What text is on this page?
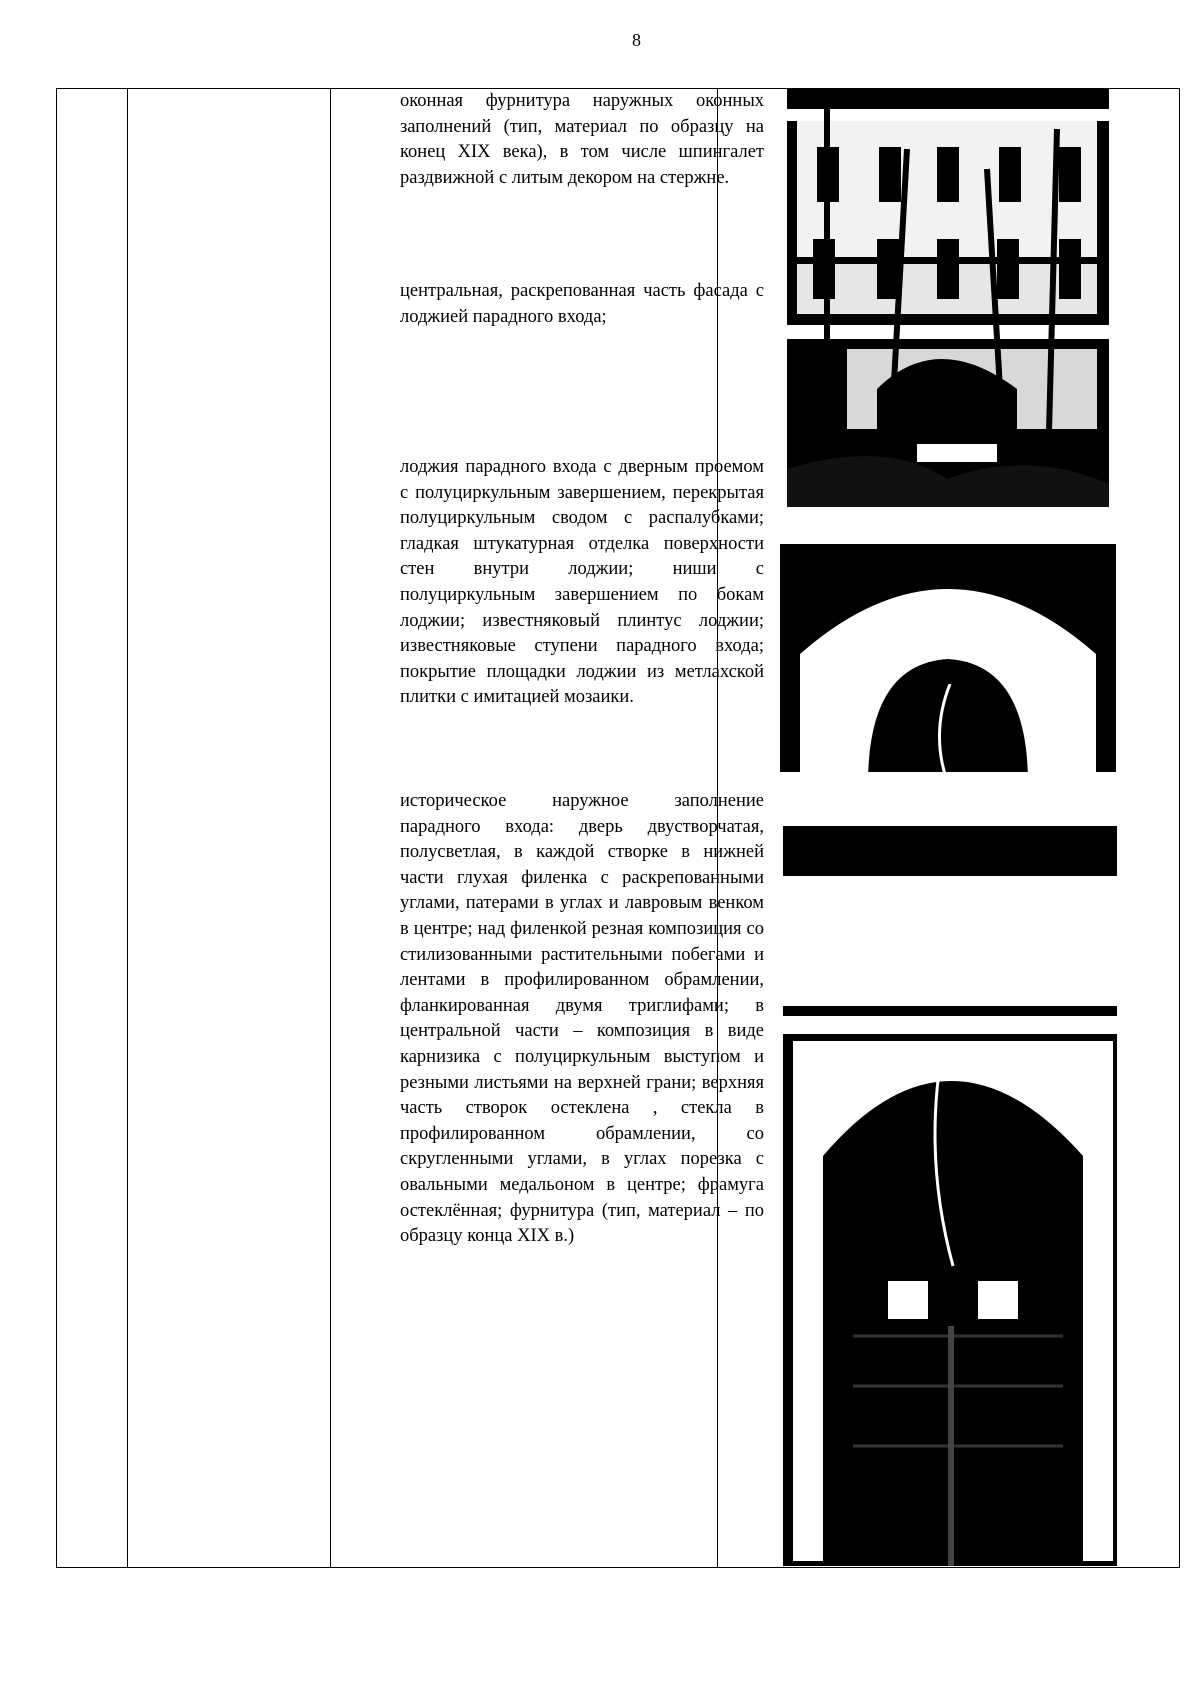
8
оконная фурнитура наружных оконных заполнений (тип, материал по образцу на конец XIX века), в том числе шпингалет раздвижной с литым декором на стержне.
центральная, раскрепованная часть фасада с лоджией парадного входа;
лоджия парадного входа с дверным проемом с полуциркульным завершением, перекрытая полуциркульным сводом с распалубками; гладкая штукатурная отделка поверхности стен внутри лоджии; ниши с полуциркульным завершением по бокам лоджии; известняковый плинтус лоджии; известняковые ступени парадного входа; покрытие площадки лоджии из метлахской плитки с имитацией мозаики.
историческое наружное заполнение парадного входа: дверь двустворчатая, полусветлая, в каждой створке в нижней части глухая филенка с раскрепованными углами, патерами в углах и лавровым венком в центре; над филенкой резная композиция со стилизованными растительными побегами и лентами в профилированном обрамлении, фланкированная двумя триглифами; в центральной части – композиция в виде карнизика с полуциркульным выступом и резными листьями на верхней грани; верхняя часть створок остеклена , стекла в профилированном обрамлении, со скругленными углами, в углах порезка с овальными медальоном в центре; фрамуга остеклённая; фурнитура (тип, материал – по образцу конца XIX в.)
